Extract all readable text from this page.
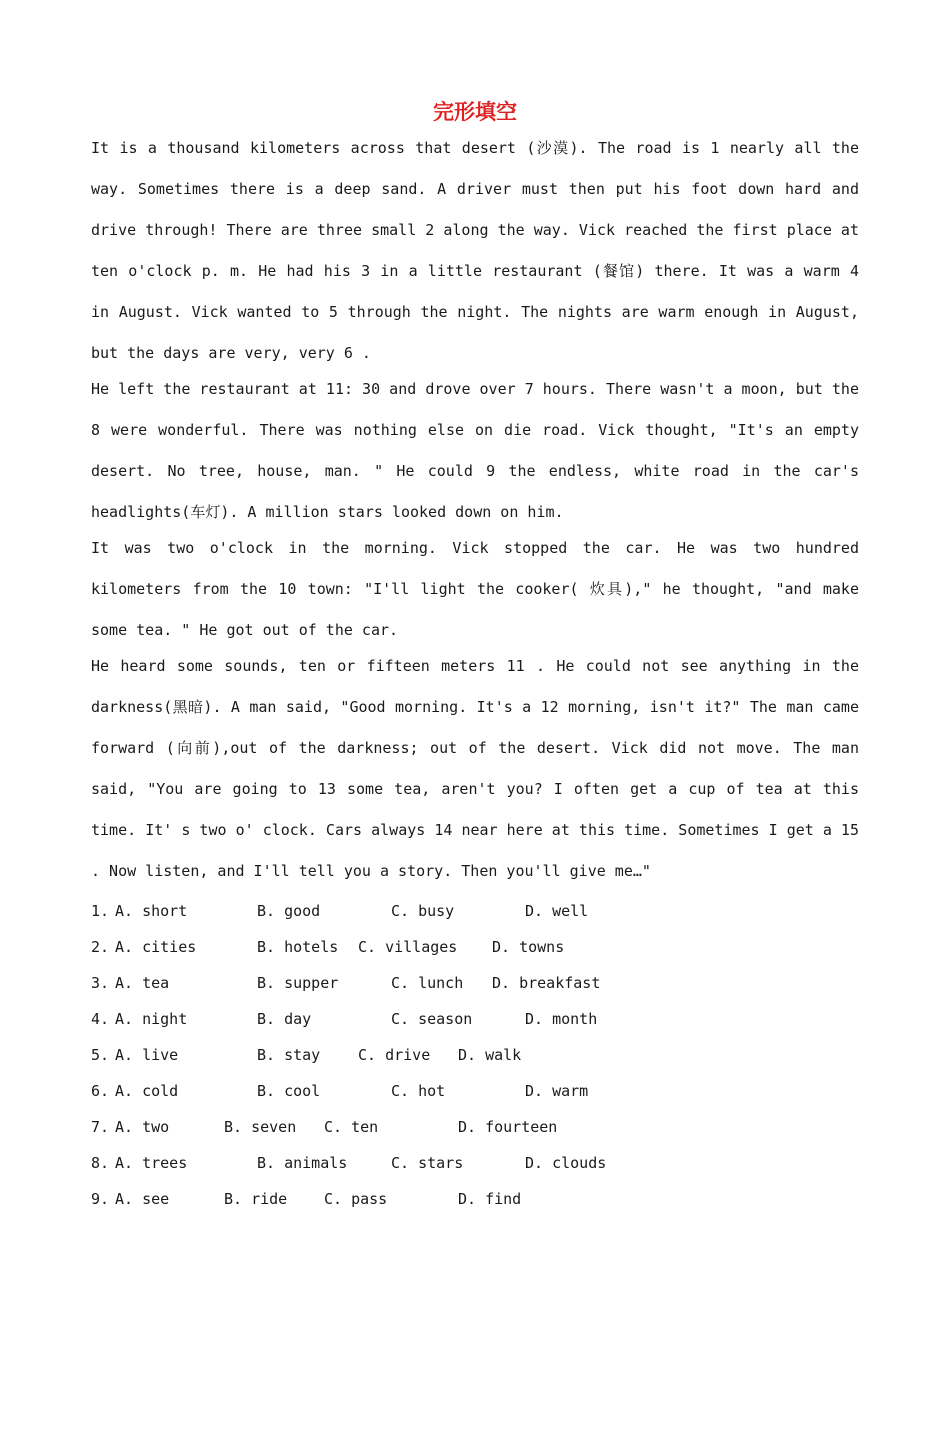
完形填空
It is a thousand kilometers across that desert (沙漠). The road is 1 nearly all the way. Sometimes there is a deep sand. A driver must then put his foot down hard and drive through! There are three small 2 along the way. Vick reached the first place at ten o'clock p. m. He had his 3 in a little restaurant (餐馆) there. It was a warm 4 in August. Vick wanted to 5 through the night. The nights are warm enough in August, but the days are very, very 6 .
He left the restaurant at 11: 30 and drove over 7 hours. There wasn't a moon, but the 8 were wonderful. There was nothing else on die road. Vick thought, "It's an empty desert. No tree, house, man. " He could 9 the endless, white road in the car's headlights(车灯). A million stars looked down on him.
It was two o'clock in the morning. Vick stopped the car. He was two hundred kilometers from the 10 town: "I'll light the cooker( 炊具)," he thought, "and make some tea. " He got out of the car.
He heard some sounds, ten or fifteen meters 11 . He could not see anything in the darkness(黑暗). A man said, "Good morning. It's a 12 morning, isn't it?" The man came forward (向前),out of the darkness; out of the desert. Vick did not move. The man said, "You are going to 13 some tea, aren't you? I often get a cup of tea at this time. It' s two o' clock. Cars always 14 near here at this time. Sometimes I get a 15 . Now listen, and I'll tell you a story. Then you'll give me…"

1.

A. short

	B. good

	C. busy

	D. well

2.

A. cities

	B. hotels

C. villages

D. towns

3.

A. tea

	B. supper

	C. lunch

D. breakfast

4.

A. night

	B. day

	C. season

	D. month

5.

A. live

	B. stay

	C. drive

D. walk

6.

A. cold

	B. cool

	C. hot

	D. warm

7.

A. two

	B. seven

C. ten

	D. fourteen

8.

A. trees

	B. animals

	C. stars

	D. clouds

9.

A. see

	B. ride

C. pass

	D. find
